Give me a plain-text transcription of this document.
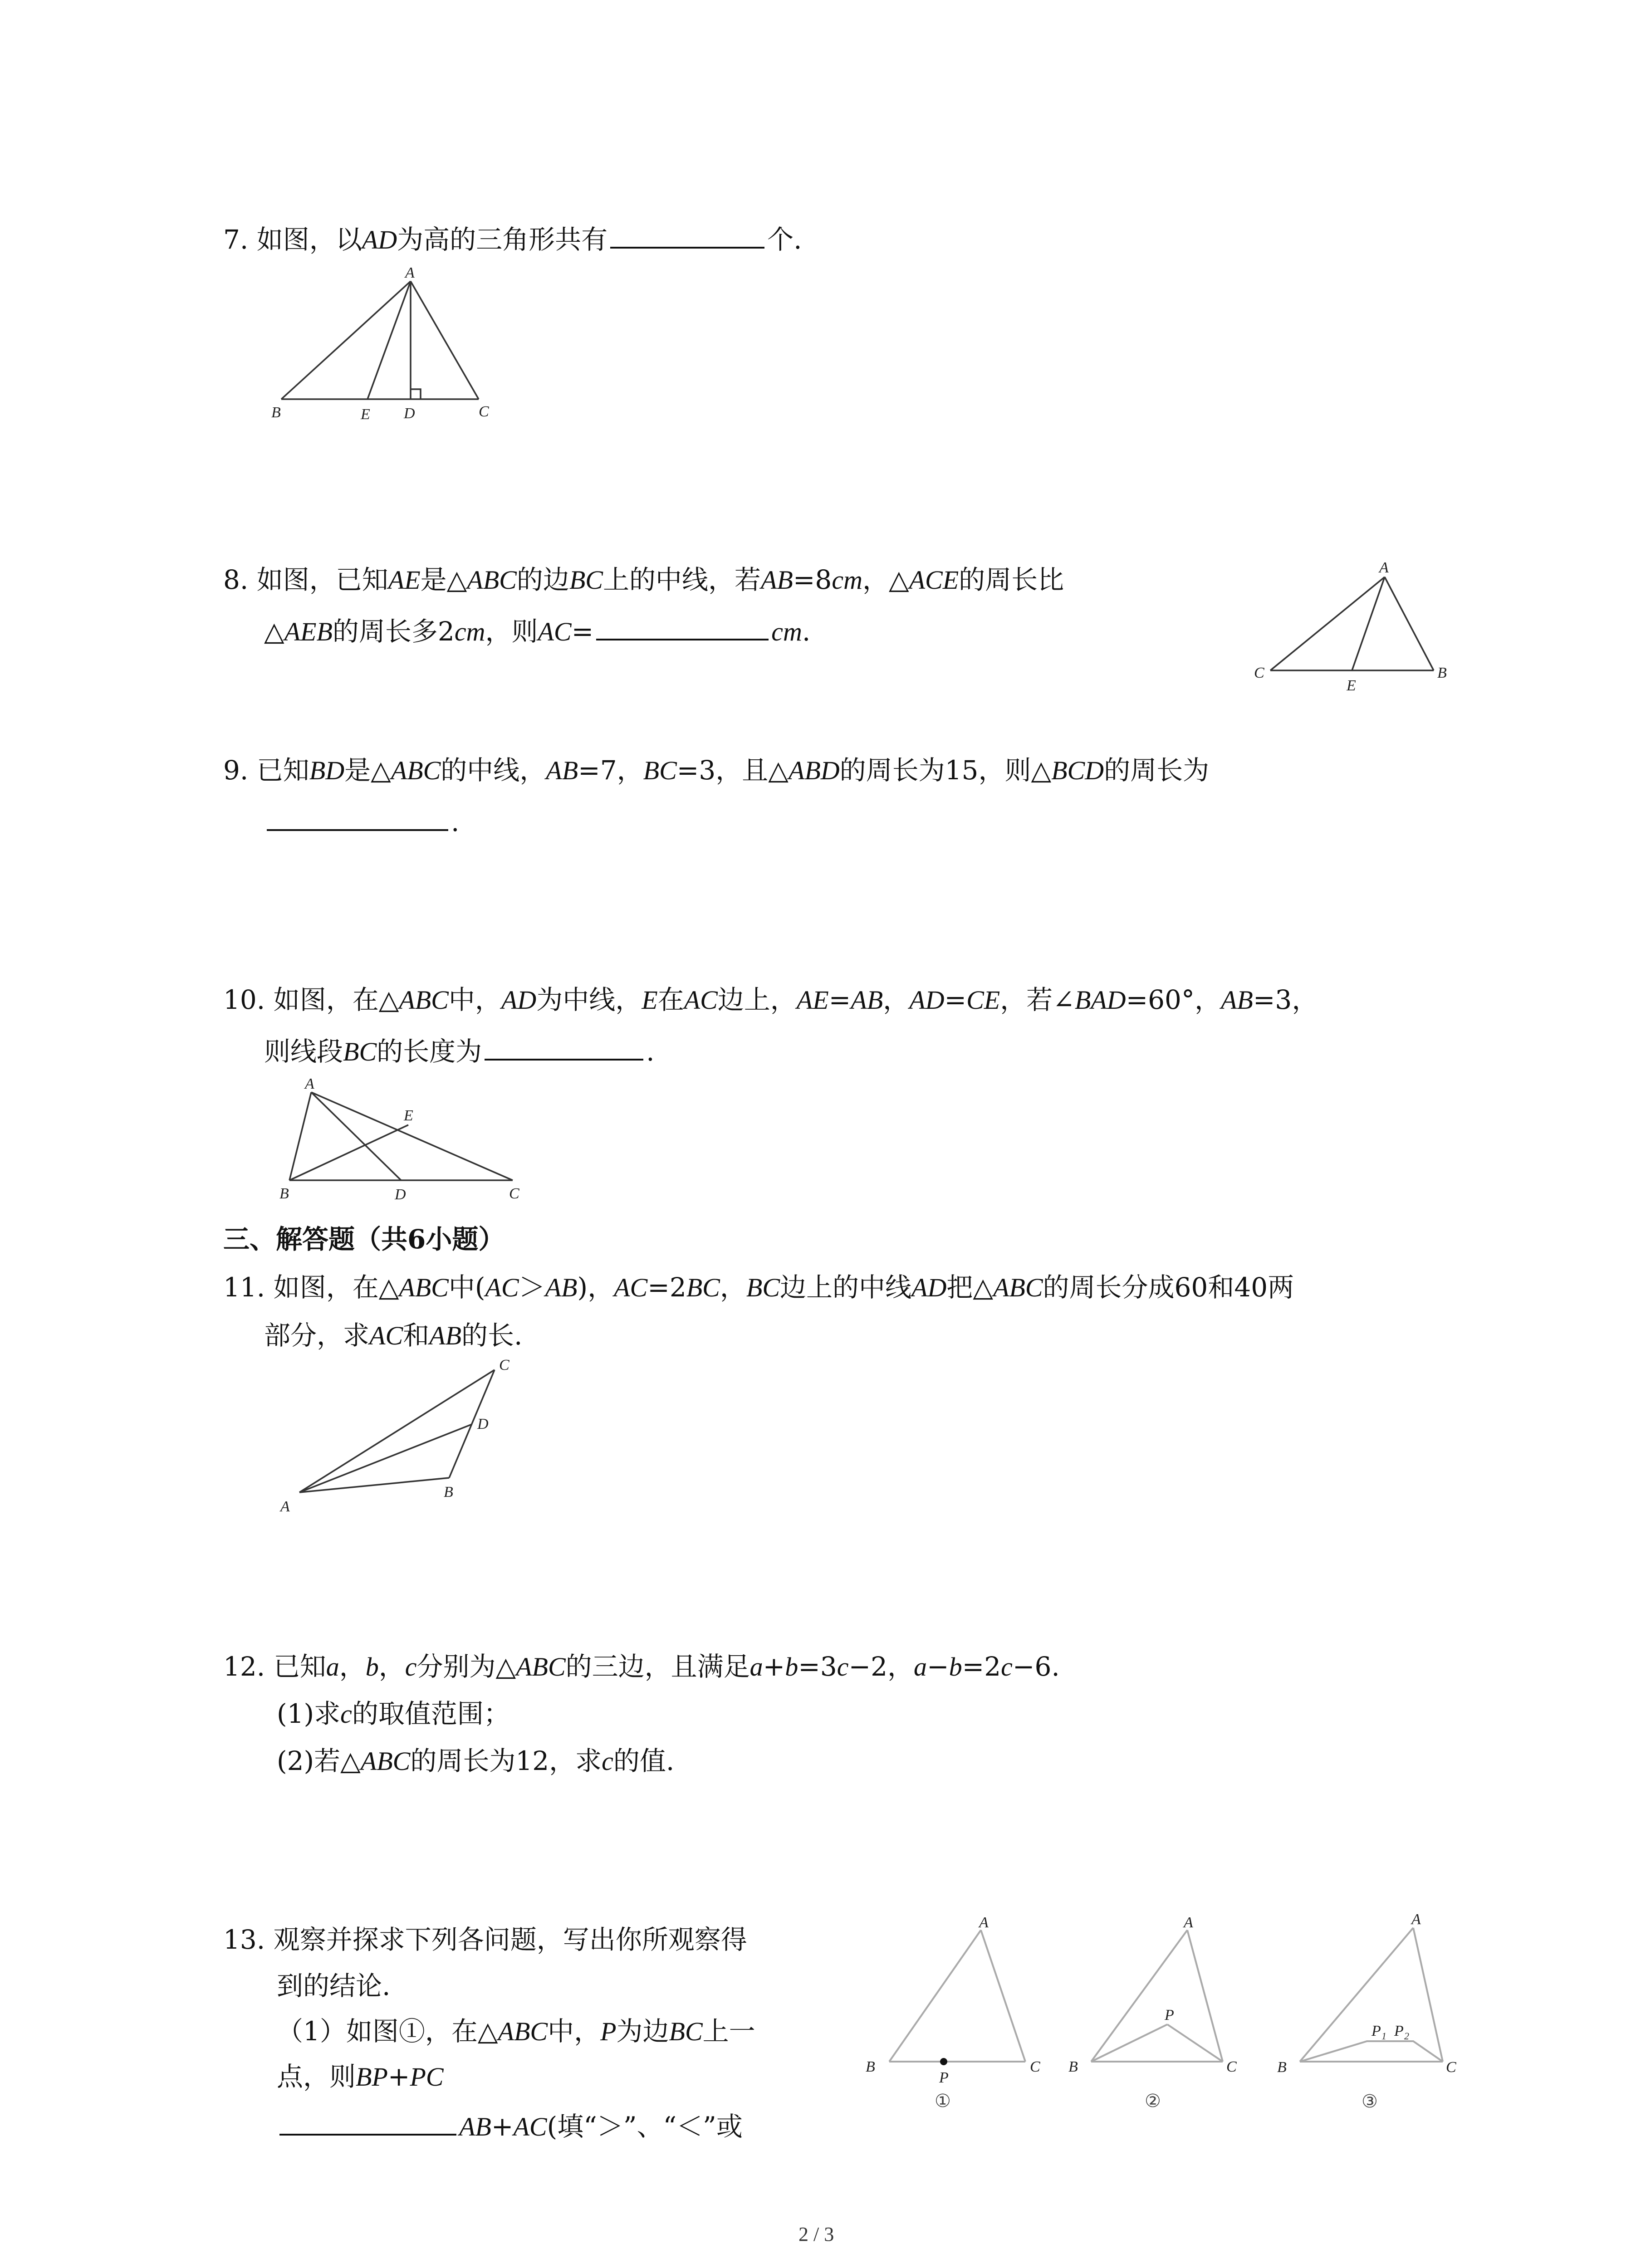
7. 如图，以AD为高的三角形共有	个.
A
B	E D	C
8. 如图，已知AE是△ABC的边BC上的中线，若AB=8cm，△ACE的周长比
△AEB的周长多2cm，则AC=	cm.
A
C
E
B
9. 已知BD是△ABC的中线，AB=7，BC=3，且△ABD的周长为15，则△BCD的周长为
.
10. 如图，在△ABC中，AD为中线，E在AC边上，AE=AB，AD=CE，若∠BAD=60°，AB=3，
则线段BC的长度为	.
A
E
B	D	C
三、解答题（共6小题）
11. 如图，在△ABC中(AC＞AB)，AC=2BC，BC边上的中线AD把△ABC的周长分成60和40两
部分，求AC和AB的长.
C
D
A
B
12. 已知a，b，c分别为△ABC的三边，且满足a+b=3c−2，a−b=2c−6.
(1)求c的取值范围；
(2)若△ABC的周长为12，求c的值.
13. 观察并探求下列各问题，写出你所观察得
到的结论.
（1）如图①，在△ABC中，P为边BC上一
点，则BP+PC
AB+AC(填“＞”、“＜”或
A
B	C
P
①
A
B	C
P
②
A
B	C
P 1 P 2
③
2 / 3
